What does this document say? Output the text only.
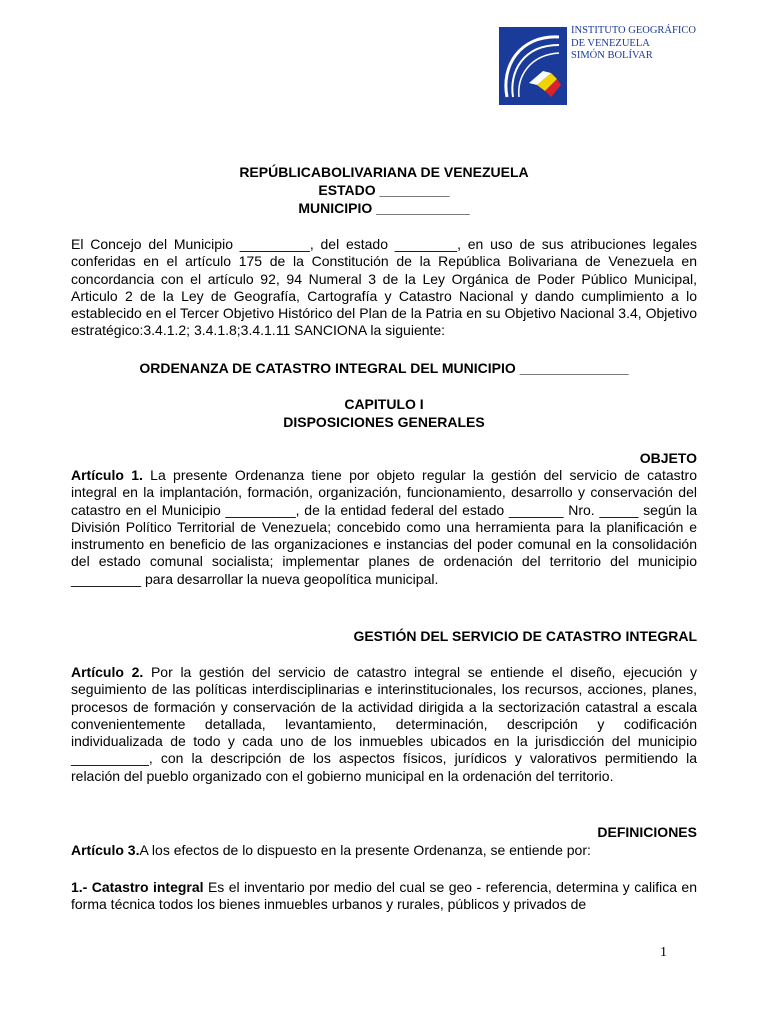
INSTITUTO GEOGRÁFICO
DE VENEZUELA
SIMÓN BOLÍVAR
REPÚBLICABOLIVARIANA DE VENEZUELA
ESTADO _________
MUNICIPIO ____________
El Concejo del Municipio _________, del estado ________, en uso de sus atribuciones legales conferidas en el artículo 175 de la Constitución de la República Bolivariana de Venezuela en concordancia con el artículo 92, 94 Numeral 3 de la Ley Orgánica de Poder Público Municipal, Articulo 2 de la Ley de Geografía, Cartografía y Catastro Nacional y dando cumplimiento a lo establecido en el Tercer Objetivo Histórico del Plan de la Patria en su Objetivo Nacional 3.4, Objetivo estratégico:3.4.1.2; 3.4.1.8;3.4.1.11 SANCIONA la siguiente:
ORDENANZA DE CATASTRO INTEGRAL DEL MUNICIPIO ______________
CAPITULO I
DISPOSICIONES GENERALES
OBJETO
Artículo 1. La presente Ordenanza tiene por objeto regular la gestión del servicio de catastro integral en la implantación, formación, organización, funcionamiento, desarrollo y conservación del catastro en el Municipio _________, de la entidad federal del estado _______ Nro. _____ según la División Político Territorial de Venezuela; concebido como una herramienta para la planificación e instrumento en beneficio de las organizaciones e instancias del poder comunal en la consolidación del estado comunal socialista; implementar planes de ordenación del territorio del municipio _________ para desarrollar la nueva geopolítica municipal.
GESTIÓN DEL SERVICIO DE CATASTRO INTEGRAL
Artículo 2. Por la gestión del servicio de catastro integral se entiende el diseño, ejecución y seguimiento de las políticas interdisciplinarias e interinstitucionales, los recursos, acciones, planes, procesos de formación y conservación de la actividad dirigida a la sectorización catastral a escala convenientemente detallada, levantamiento, determinación, descripción y codificación individualizada de todo y cada uno de los inmuebles ubicados en la jurisdicción del municipio __________, con la descripción de los aspectos físicos, jurídicos y valorativos permitiendo la relación del pueblo organizado con el gobierno municipal en la ordenación del territorio.
DEFINICIONES
Artículo 3.A los efectos de lo dispuesto en la presente Ordenanza, se entiende por:
1.- Catastro integral Es el inventario por medio del cual se geo - referencia, determina y califica en forma técnica todos los bienes inmuebles urbanos y rurales, públicos y privados de
1
